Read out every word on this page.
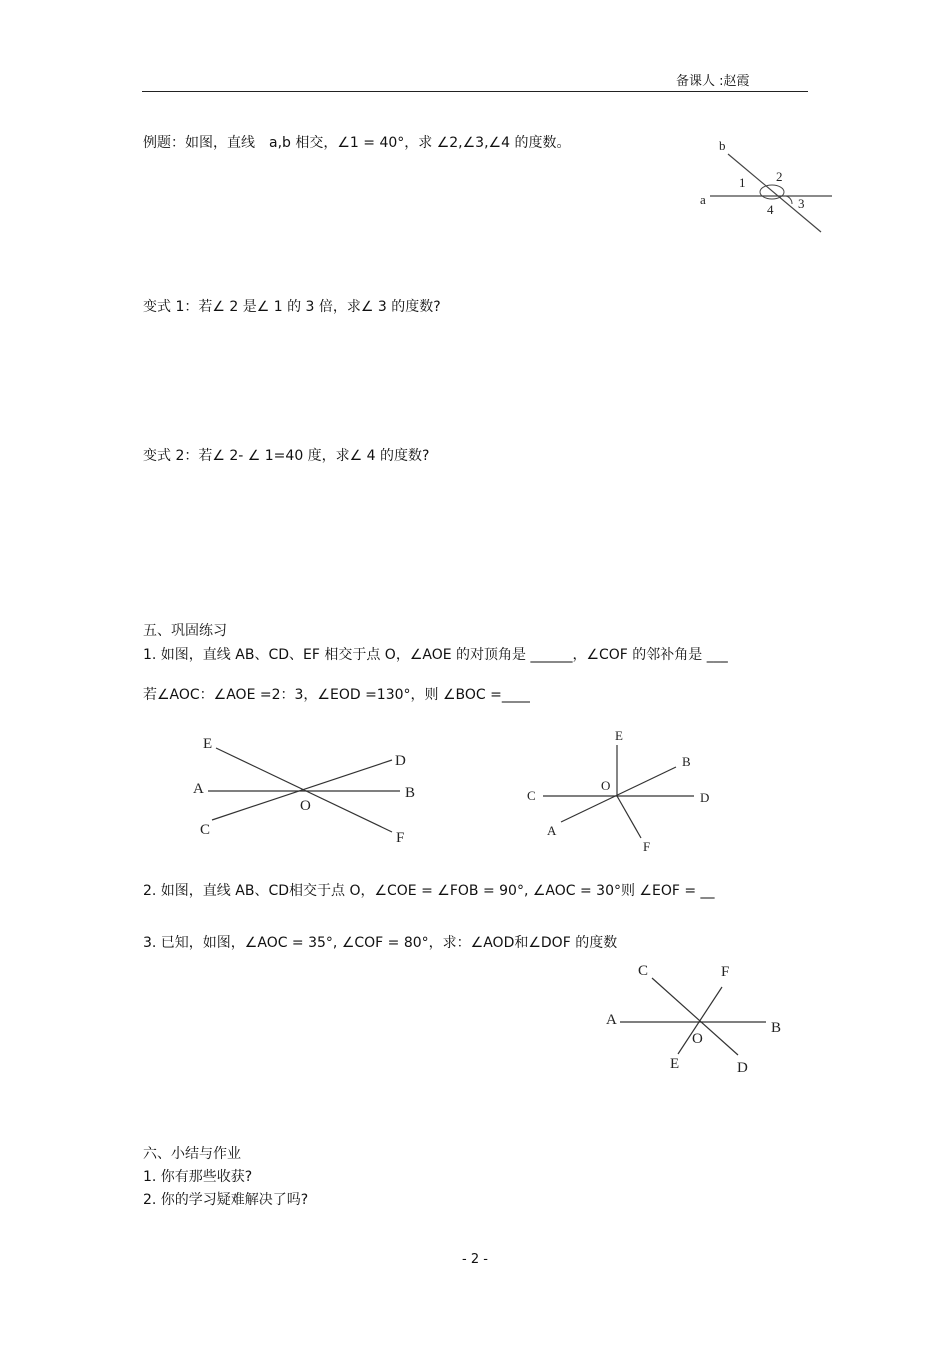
备课人 :赵霞
例题：如图，直线　a,b 相交，∠1 = 40°，求 ∠2,∠3,∠4 的度数。	b
a
1 2
3
4
变式 1：若∠ 2 是∠ 1 的 3 倍，求∠ 3 的度数?
变式 2：若∠ 2- ∠ 1=40 度，求∠ 4 的度数?
五、巩固练习
1. 如图，直线 AB、CD、EF 相交于点 O，∠AOE 的对顶角是 ______，∠COF 的邻补角是 ___
若∠AOC：∠AOE =2：3，∠EOD =130°，则 ∠BOC =____
E
D
A	B
O
C	F
E
B
C
O
D
A
F
2. 如图，直线 AB、CD相交于点 O，∠COE = ∠FOB = 90°, ∠AOC = 30°则 ∠EOF = __
3. 已知，如图，∠AOC = 35°, ∠COF = 80°，求：∠AOD和∠DOF 的度数
C	F
A	B
O
E	D
六、小结与作业
1. 你有那些收获?
2. 你的学习疑难解决了吗?
- 2 -
